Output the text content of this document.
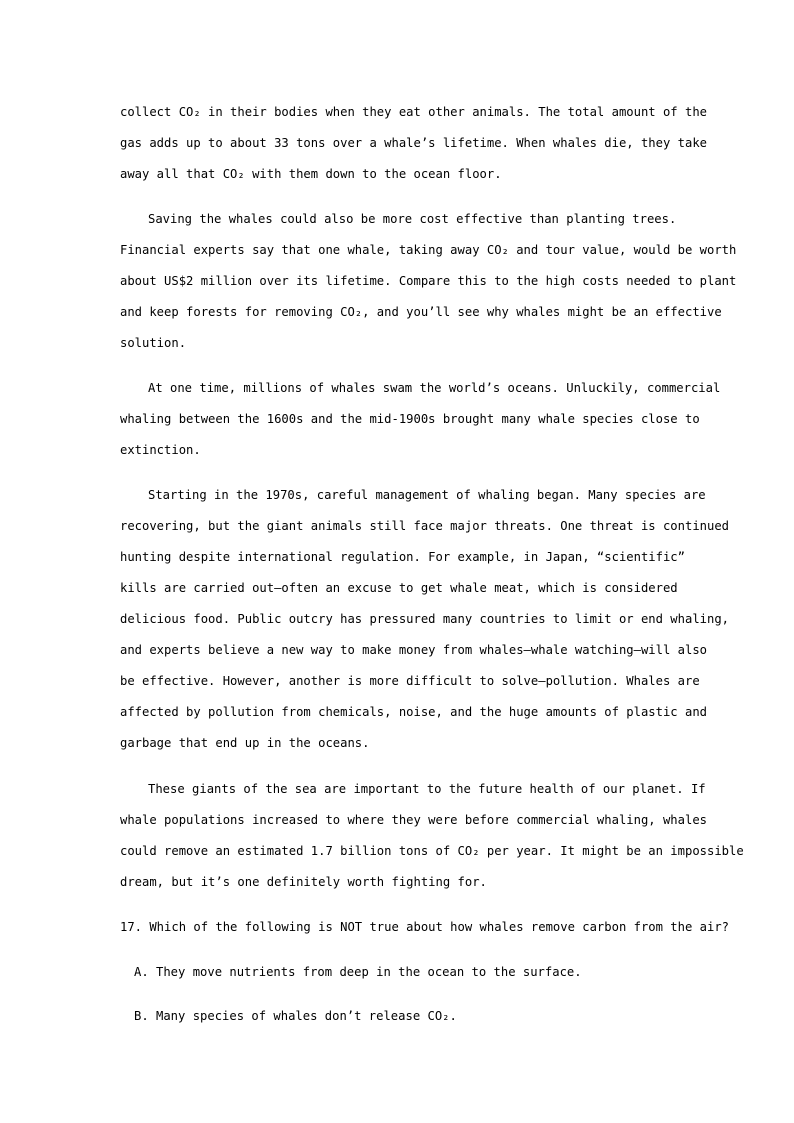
collect CO₂ in their bodies when they eat other animals. The total amount of the
gas adds up to about 33 tons over a whale’s lifetime. When whales die, they take
away all that CO₂ with them down to the ocean floor.
Saving the whales could also be more cost effective than planting trees.
Financial experts say that one whale, taking away CO₂ and tour value, would be worth
about US$2 million over its lifetime. Compare this to the high costs needed to plant
and keep forests for removing CO₂, and you’ll see why whales might be an effective
solution.
At one time, millions of whales swam the world’s oceans. Unluckily, commercial
whaling between the 1600s and the mid-1900s brought many whale species close to
extinction.
Starting in the 1970s, careful management of whaling began. Many species are
recovering, but the giant animals still face major threats. One threat is continued
hunting despite international regulation. For example, in Japan, “scientific”
kills are carried out—often an excuse to get whale meat, which is considered
delicious food. Public outcry has pressured many countries to limit or end whaling,
and experts believe a new way to make money from whales—whale watching—will also
be effective. However, another is more difficult to solve—pollution. Whales are
affected by pollution from chemicals, noise, and the huge amounts of plastic and
garbage that end up in the oceans.
These giants of the sea are important to the future health of our planet. If
whale populations increased to where they were before commercial whaling, whales
could remove an estimated 1.7 billion tons of CO₂ per year. It might be an impossible
dream, but it’s one definitely worth fighting for.
17. Which of the following is NOT true about how whales remove carbon from the air?
A. They move nutrients from deep in the ocean to the surface.
B. Many species of whales don’t release CO₂.
